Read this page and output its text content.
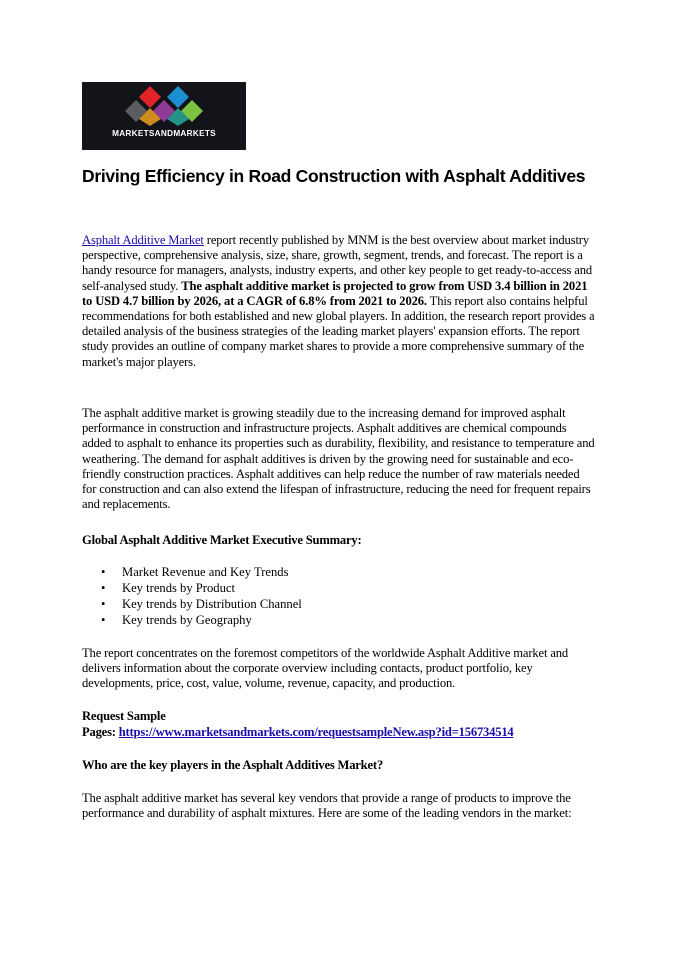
MARKETSANDMARKETS
Driving Efficiency in Road Construction with Asphalt Additives

Asphalt Additive Market report recently published by MNM is the best overview about market industry perspective, comprehensive analysis, size, share, growth, segment, trends, and forecast. The report is a handy resource for managers, analysts, industry experts, and other key people to get ready-to-access and self-analysed study. The asphalt additive market is projected to grow from USD 3.4 billion in 2021 to USD 4.7 billion by 2026, at a CAGR of 6.8% from 2021 to 2026. This report also contains helpful recommendations for both established and new global players. In addition, the research report provides a detailed analysis of the business strategies of the leading market players' expansion efforts. The report study provides an outline of company market shares to provide a more comprehensive summary of the market's major players.

The asphalt additive market is growing steadily due to the increasing demand for improved asphalt performance in construction and infrastructure projects. Asphalt additives are chemical compounds added to asphalt to enhance its properties such as durability, flexibility, and resistance to temperature and weathering. The demand for asphalt additives is driven by the growing need for sustainable and eco-friendly construction practices. Asphalt additives can help reduce the number of raw materials needed for construction and can also extend the lifespan of infrastructure, reducing the need for frequent repairs and replacements.

Global Asphalt Additive Market Executive Summary:

• Market Revenue and Key Trends
• Key trends by Product
• Key trends by Distribution Channel
• Key trends by Geography

The report concentrates on the foremost competitors of the worldwide Asphalt Additive market and delivers information about the corporate overview including contacts, product portfolio, key developments, price, cost, value, volume, revenue, capacity, and production.

Request Sample

Pages: https://www.marketsandmarkets.com/requestsampleNew.asp?id=156734514

Who are the key players in the Asphalt Additives Market?

The asphalt additive market has several key vendors that provide a range of products to improve the performance and durability of asphalt mixtures. Here are some of the leading vendors in the market:
